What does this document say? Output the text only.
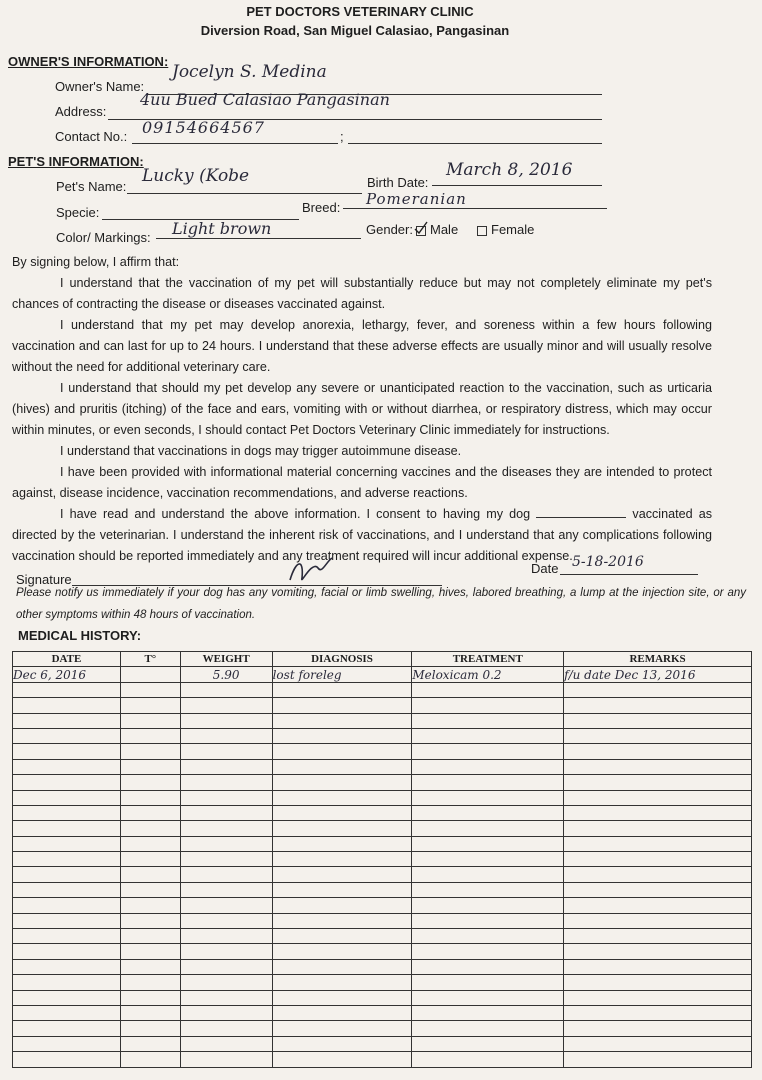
PET DOCTORS VETERINARY CLINIC
Diversion Road, San Miguel Calasiao, Pangasinan
OWNER'S INFORMATION:
Owner's Name:
Jocelyn S. Medina
Address:
4uu Bued Calasiao Pangasinan
Contact No.:	;
09154664567
PET'S INFORMATION:
Pet's Name:
Lucky (Kobe	Birth Date:
March 8, 2016
Specie:	Breed: Pomeranian
Color/ Markings: Light brown	Gender:	Male	Female

By signing below, I affirm that:

I understand that the vaccination of my pet will substantially reduce but may not completely eliminate my pet's chances of contracting the disease or diseases vaccinated against.

I understand that my pet may develop anorexia, lethargy, fever, and soreness within a few hours following vaccination and can last for up to 24 hours. I understand that these adverse effects are usually minor and will usually resolve without the need for additional veterinary care.

I understand that should my pet develop any severe or unanticipated reaction to the vaccination, such as urticaria (hives) and pruritis (itching) of the face and ears, vomiting with or without diarrhea, or respiratory distress, which may occur within minutes, or even seconds, I should contact Pet Doctors Veterinary Clinic immediately for instructions.

I understand that vaccinations in dogs may trigger autoimmune disease.

I have been provided with informational material concerning vaccines and the diseases they are intended to protect against, disease incidence, vaccination recommendations, and adverse reactions.

I have read and understand the above information. I consent to having my dog	vaccinated as directed by the veterinarian. I understand the inherent risk of vaccinations, and I understand that any complications following vaccination should be reported immediately and any treatment required will incur additional expense.

Signature
Date 5-18-2016
Please notify us immediately if your dog has any vomiting, facial or limb swelling, hives, labored breathing, a lump at the injection site, or any other symptoms within 48 hours of vaccination.
MEDICAL HISTORY:
DATE	T°	WEIGHT	DIAGNOSIS	TREATMENT	REMARKS
Dec 6, 2016		5.90	lost foreleg	Meloxicam 0.2	f/u date Dec 13, 2016
